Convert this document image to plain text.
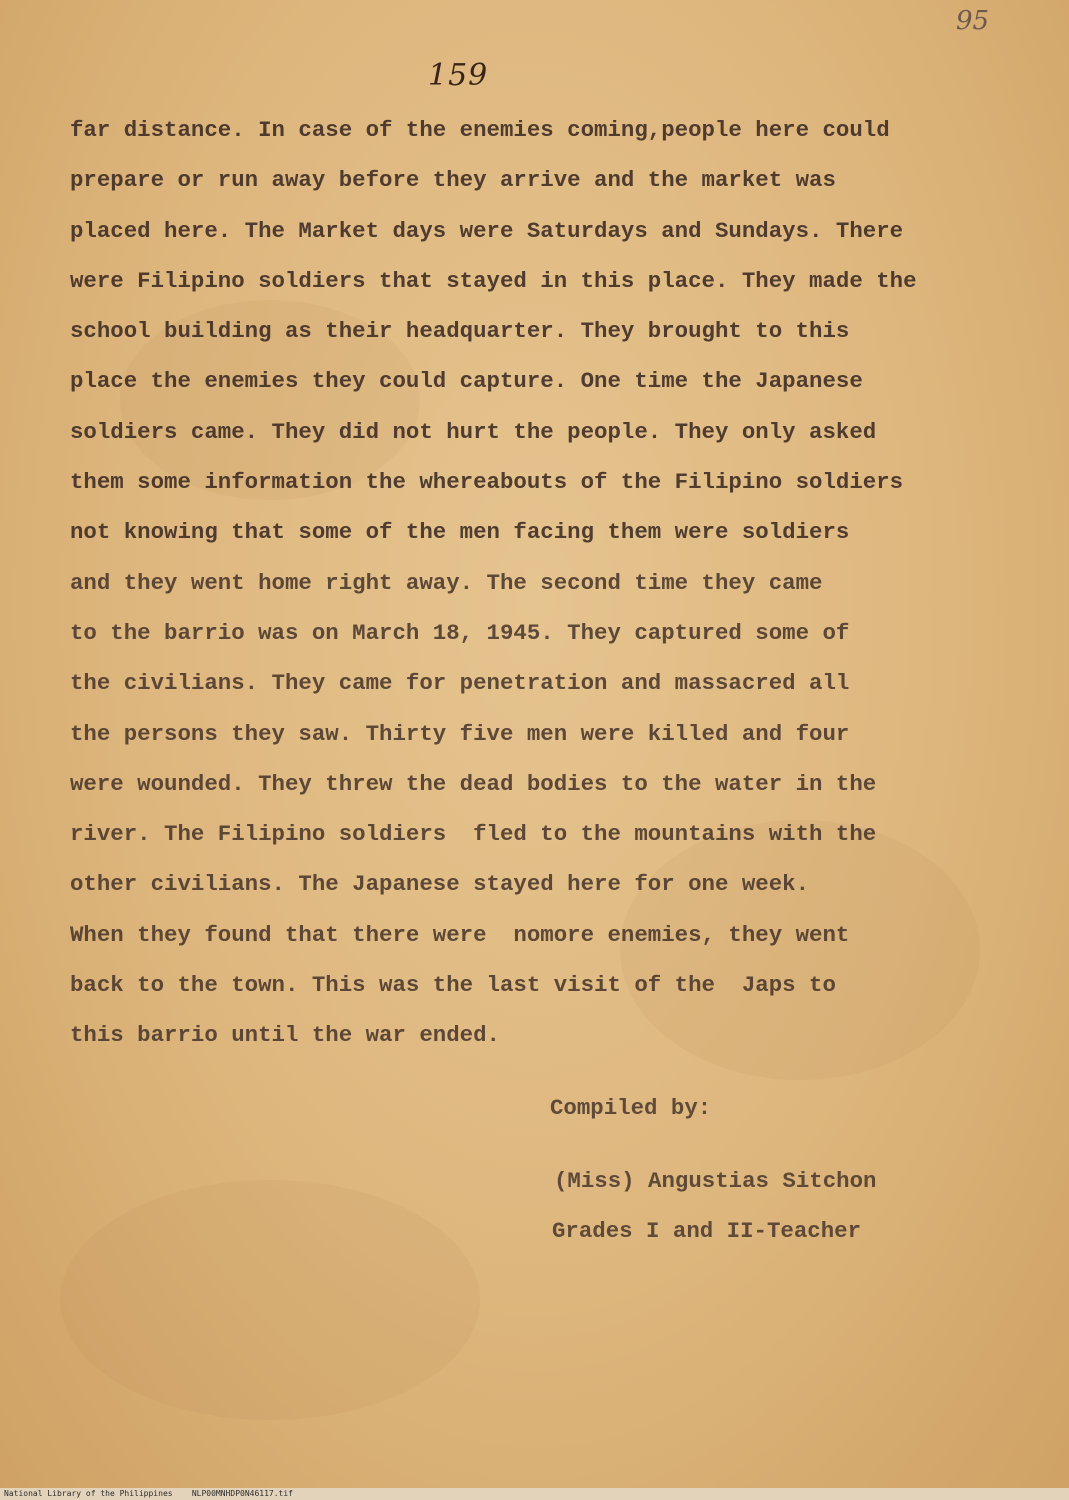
95
159
far distance. In case of the enemies coming,people here could
prepare or run away before they arrive and the market was
placed here. The Market days were Saturdays and Sundays. There
were Filipino soldiers that stayed in this place. They made the
school building as their headquarter. They brought to this
place the enemies they could capture. One time the Japanese
soldiers came. They did not hurt the people. They only asked
them some information the whereabouts of the Filipino soldiers
not knowing that some of the men facing them were soldiers
and they went home right away. The second time they came
to the barrio was on March 18, 1945. They captured some of
the civilians. They came for penetration and massacred all
the persons they saw. Thirty five men were killed and four
were wounded. They threw the dead bodies to the water in the
river. The Filipino soldiers  fled to the mountains with the
other civilians. The Japanese stayed here for one week.
When they found that there were  nomore enemies, they went
back to the town. This was the last visit of the  Japs to
this barrio until the war ended.
Compiled by:
(Miss) Angustias Sitchon
Grades I and II-Teacher
National Library of the Philippines NLP00MNHDP0N46117.tif
